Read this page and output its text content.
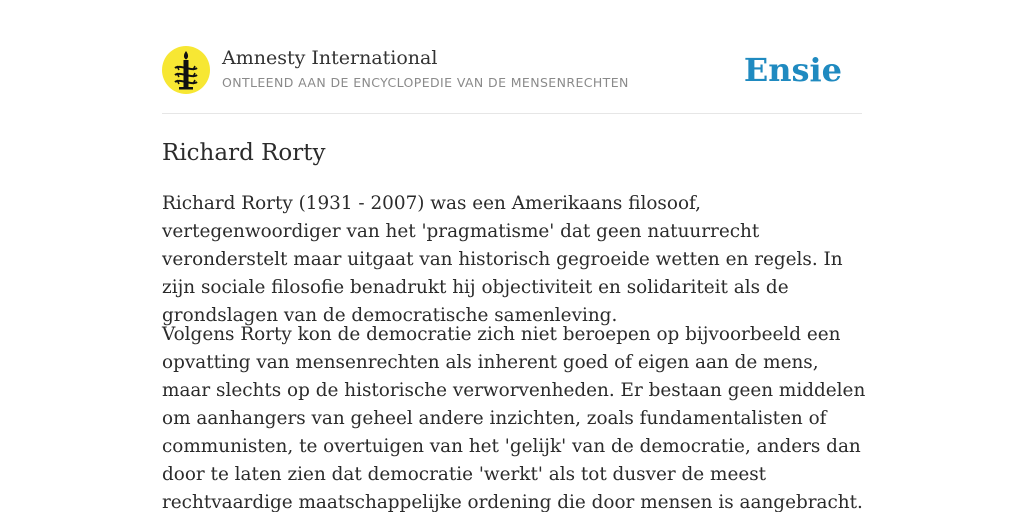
Amnesty International
ONTLEEND AAN DE ENCYCLOPEDIE VAN DE MENSENRECHTEN	Ensie
Richard Rorty

Richard Rorty (1931 - 2007) was een Amerikaans filosoof, vertegenwoordiger van het 'pragmatisme' dat geen natuurrecht veronderstelt maar uitgaat van historisch gegroeide wetten en regels. In zijn sociale filosofie benadrukt hij objectiviteit en solidariteit als de grondslagen van de democratische samenleving.

Volgens Rorty kon de democratie zich niet beroepen op bijvoorbeeld een opvatting van mensenrechten als inherent goed of eigen aan de mens, maar slechts op de historische verworvenheden. Er bestaan geen middelen om aanhangers van geheel andere inzichten, zoals fundamentalisten of communisten, te overtuigen van het 'gelijk' van de democratie, anders dan door te laten zien dat democratie 'werkt' als tot dusver de meest rechtvaardige maatschappelijke ordening die door mensen is aangebracht.
